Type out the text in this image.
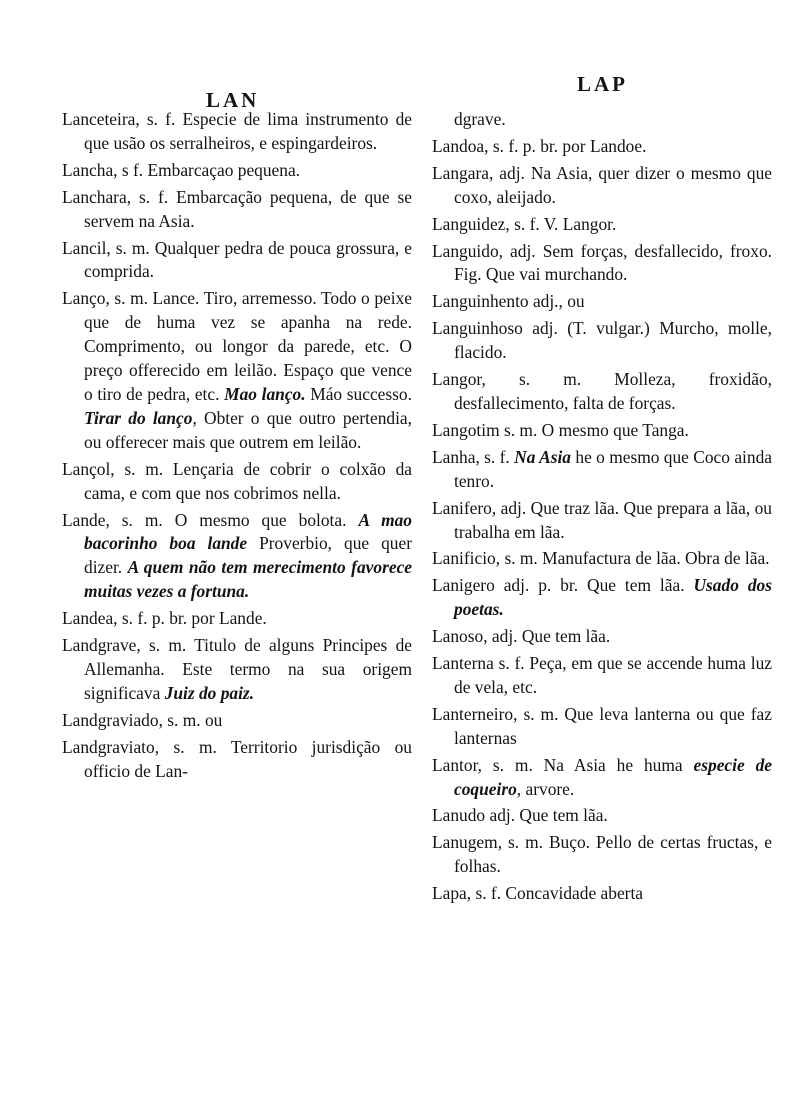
LAN
LAP

Lanceteira, s. f. Especie de lima instrumento de que usão os serralheiros, e espingardeiros.

Lancha, s f. Embarcaçao pequena.

Lanchara, s. f. Embarcação pequena, de que se servem na Asia.

Lancil, s. m. Qualquer pedra de pouca grossura, e comprida.

Lanço, s. m. Lance. Tiro, arremesso. Todo o peixe que de huma vez se apanha na rede. Comprimento, ou longor da parede, etc. O preço offerecido em leilão. Espaço que vence o tiro de pedra, etc. Mao lanço. Máo successo. Tirar do lanço, Obter o que outro pertendia, ou offerecer mais que outrem em leilão.

Lançol, s. m. Lençaria de cobrir o colxão da cama, e com que nos cobrimos nella.

Lande, s. m. O mesmo que bolota. A mao bacorinho boa lande Proverbio, que quer dizer. A quem não tem merecimento favorece muitas vezes a fortuna.

Landea, s. f. p. br. por Lande.

Landgrave, s. m. Titulo de alguns Principes de Allemanha. Este termo na sua origem significava Juiz do paiz.

Landgraviado, s. m. ou

Landgraviato, s. m. Territorio jurisdição ou officio de Lan-

dgrave.

Landoa, s. f. p. br. por Landoe.

Langara, adj. Na Asia, quer dizer o mesmo que coxo, aleijado.

Languidez, s. f. V. Langor.

Languido, adj. Sem forças, desfallecido, froxo. Fig. Que vai murchando.

Languinhento adj., ou

Languinhoso adj. (T. vulgar.) Murcho, molle, flacido.

Langor, s. m. Molleza, froxidão, desfallecimento, falta de forças.

Langotim s. m. O mesmo que Tanga.

Lanha, s. f. Na Asia he o mesmo que Coco ainda tenro.

Lanifero, adj. Que traz lãa. Que prepara a lãa, ou trabalha em lãa.

Lanificio, s. m. Manufactura de lãa. Obra de lãa.

Lanigero adj. p. br. Que tem lãa. Usado dos poetas.

Lanoso, adj. Que tem lãa.

Lanterna s. f. Peça, em que se accende huma luz de vela, etc.

Lanterneiro, s. m. Que leva lanterna ou que faz lanternas

Lantor, s. m. Na Asia he huma especie de coqueiro, arvore.

Lanudo adj. Que tem lãa.

Lanugem, s. m. Buço. Pello de certas fructas, e folhas.

Lapa, s. f. Concavidade aberta
